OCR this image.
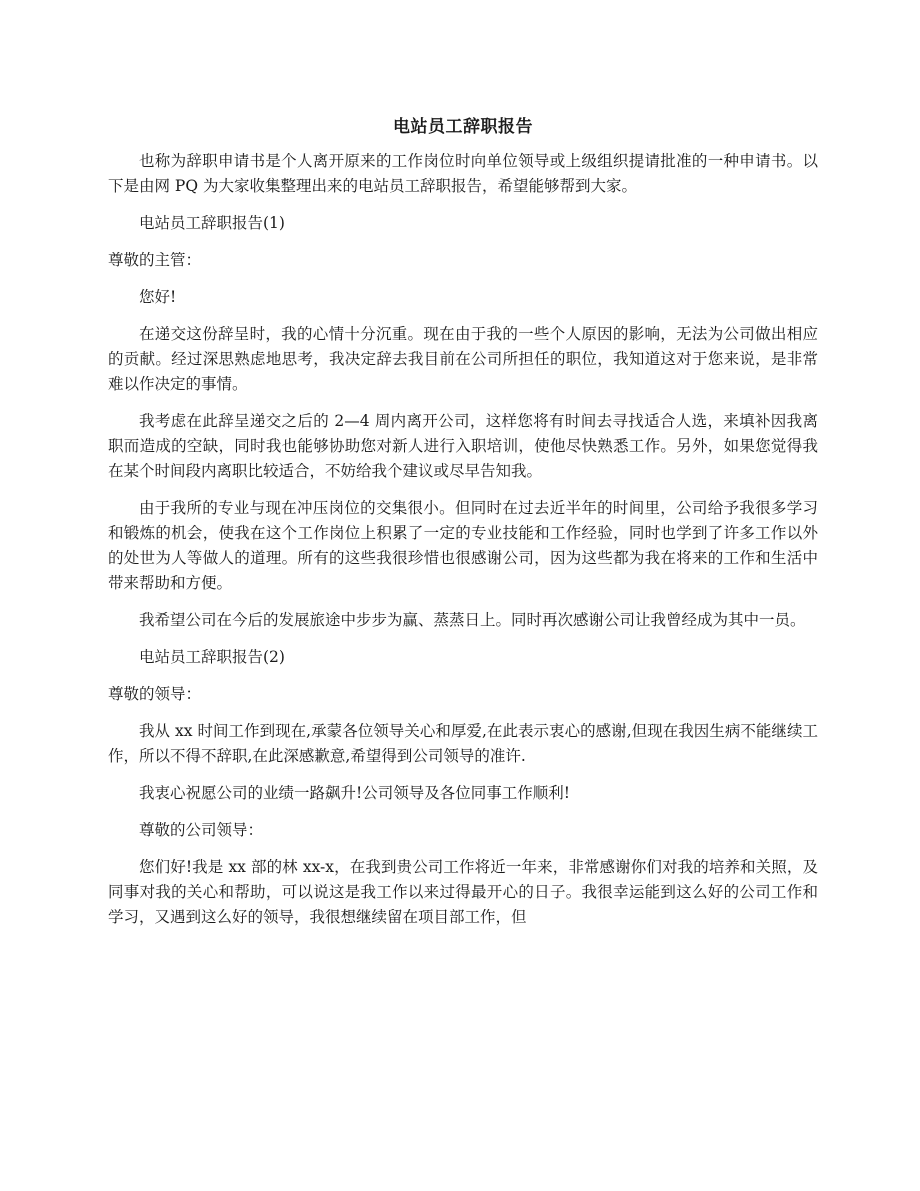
电站员工辞职报告

也称为辞职申请书是个人离开原来的工作岗位时向单位领导或上级组织提请批准的一种申请书。以下是由网 PQ 为大家收集整理出来的电站员工辞职报告，希望能够帮到大家。

电站员工辞职报告(1)

尊敬的主管：

您好!

在递交这份辞呈时，我的心情十分沉重。现在由于我的一些个人原因的影响，无法为公司做出相应的贡献。经过深思熟虑地思考，我决定辞去我目前在公司所担任的职位，我知道这对于您来说，是非常难以作决定的事情。

我考虑在此辞呈递交之后的 2—4 周内离开公司，这样您将有时间去寻找适合人选，来填补因我离职而造成的空缺，同时我也能够协助您对新人进行入职培训，使他尽快熟悉工作。另外，如果您觉得我在某个时间段内离职比较适合，不妨给我个建议或尽早告知我。

由于我所的专业与现在冲压岗位的交集很小。但同时在过去近半年的时间里，公司给予我很多学习和锻炼的机会，使我在这个工作岗位上积累了一定的专业技能和工作经验，同时也学到了许多工作以外的处世为人等做人的道理。所有的这些我很珍惜也很感谢公司，因为这些都为我在将来的工作和生活中带来帮助和方便。

我希望公司在今后的发展旅途中步步为赢、蒸蒸日上。同时再次感谢公司让我曾经成为其中一员。

电站员工辞职报告(2)

尊敬的领导：

我从 xx 时间工作到现在,承蒙各位领导关心和厚爱,在此表示衷心的感谢,但现在我因生病不能继续工作，所以不得不辞职,在此深感歉意,希望得到公司领导的准许.

我衷心祝愿公司的业绩一路飙升!公司领导及各位同事工作顺利!

尊敬的公司领导：

您们好!我是 xx 部的林 xx-x，在我到贵公司工作将近一年来，非常感谢你们对我的培养和关照，及同事对我的关心和帮助，可以说这是我工作以来过得最开心的日子。我很幸运能到这么好的公司工作和学习，又遇到这么好的领导，我很想继续留在项目部工作，但
